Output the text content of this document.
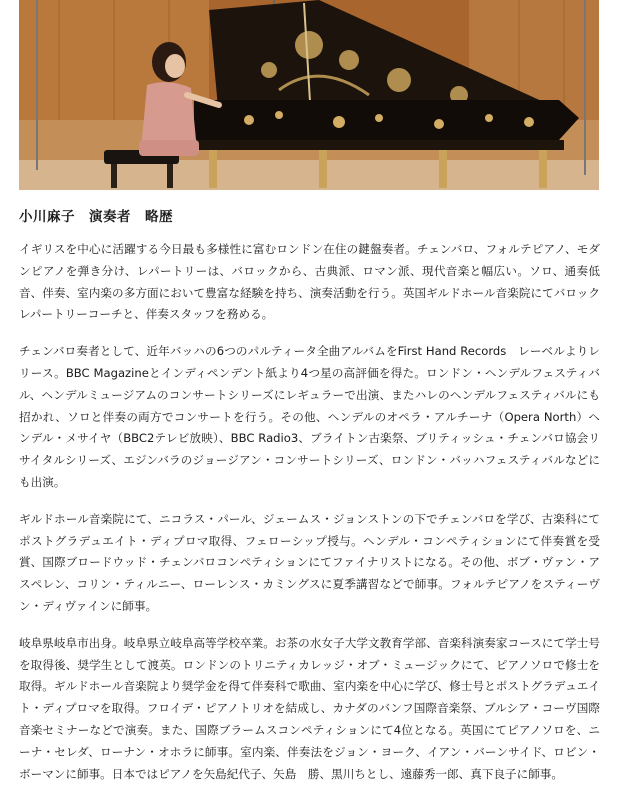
小川麻子　演奏者　略歴

イギリスを中心に活躍する今日最も多様性に富むロンドン在住の鍵盤奏者。チェンバロ、フォルテピアノ、モダンピアノを弾き分け、レパートリーは、バロックから、古典派、ロマン派、現代音楽と幅広い。ソロ、通奏低音、伴奏、室内楽の多方面において豊富な経験を持ち、演奏活動を行う。英国ギルドホール音楽院にてバロックレパートリーコーチと、伴奏スタッフを務める。

チェンバロ奏者として、近年バッハの6つのパルティータ全曲アルバムをFirst Hand Records　レーベルよりレリース。BBC Magazineとインディペンデント紙より4つ星の高評価を得た。ロンドン・ヘンデルフェスティバル、ヘンデルミュージアムのコンサートシリーズにレギュラーで出演、またハレのヘンデルフェスティバルにも招かれ、ソロと伴奏の両方でコンサートを行う。その他、ヘンデルのオペラ・アルチーナ（Opera North）ヘンデル・メサイヤ（BBC2テレビ放映）、BBC Radio3、ブライトン古楽祭、ブリティッシュ・チェンバロ協会リサイタルシリーズ、エジンバラのジョージアン・コンサートシリーズ、ロンドン・バッハフェスティバルなどにも出演。

ギルドホール音楽院にて、ニコラス・パール、ジェームス・ジョンストンの下でチェンバロを学び、古楽科にてポストグラデュエイト・ディプロマ取得、フェローシップ授与。ヘンデル・コンペティションにて伴奏賞を受賞、国際ブロードウッド・チェンバロコンペティションにてファイナリストになる。その他、ボブ・ヴァン・アスペレン、コリン・ティルニー、ローレンス・カミングスに夏季講習などで師事。フォルテピアノをスティーヴン・ディヴァインに師事。

岐阜県岐阜市出身。岐阜県立岐阜高等学校卒業。お茶の水女子大学文教育学部、音楽科演奏家コースにて学士号を取得後、奨学生として渡英。ロンドンのトリニティカレッジ・オブ・ミュージックにて、ピアノソロで修士を取得。ギルドホール音楽院より奨学金を得て伴奏科で歌曲、室内楽を中心に学び、修士号とポストグラデュエイト・ディプロマを取得。フロイデ・ピアノトリオを結成し、カナダのバンフ国際音楽祭、ブルシア・コーヴ国際音楽セミナーなどで演奏。また、国際ブラームスコンペティションにて4位となる。英国にてピアノソロを、ニーナ・セレダ、ローナン・オホラに師事。室内楽、伴奏法をジョン・ヨーク、イアン・バーンサイド、ロビン・ボーマンに師事。日本ではピアノを矢島紀代子、矢島　勝、黒川ちとし、遠藤秀一郎、真下良子に師事。
